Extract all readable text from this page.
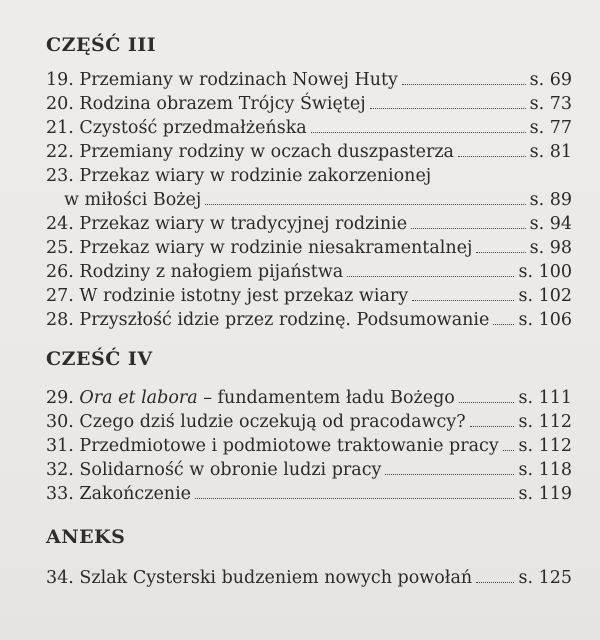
CZĘŚĆ III
19. Przemiany w rodzinach Nowej Huty	s. 69
20. Rodzina obrazem Trójcy Świętej	s. 73
21. Czystość przedmałżeńska	s. 77
22. Przemiany rodziny w oczach duszpasterza	s. 81
23. Przekaz wiary w rodzinie zakorzenionej
w miłości Bożej	s. 89
24. Przekaz wiary w tradycyjnej rodzinie	s. 94
25. Przekaz wiary w rodzinie niesakramentalnej	s. 98
26. Rodziny z nałogiem pijaństwa	s. 100
27. W rodzinie istotny jest przekaz wiary	s. 102
28. Przyszłość idzie przez rodzinę. Podsumowanie s. 106
CZEŚĆ IV
29. Ora et labora – fundamentem ładu Bożego	s. 111
30. Czego dziś ludzie oczekują od pracodawcy?	s. 112
31. Przedmiotowe i podmiotowe traktowanie pracy s. 112
32. Solidarność w obronie ludzi pracy	s. 118
33. Zakończenie	s. 119
ANEKS
34. Szlak Cysterski budzeniem nowych powołań	s. 125
